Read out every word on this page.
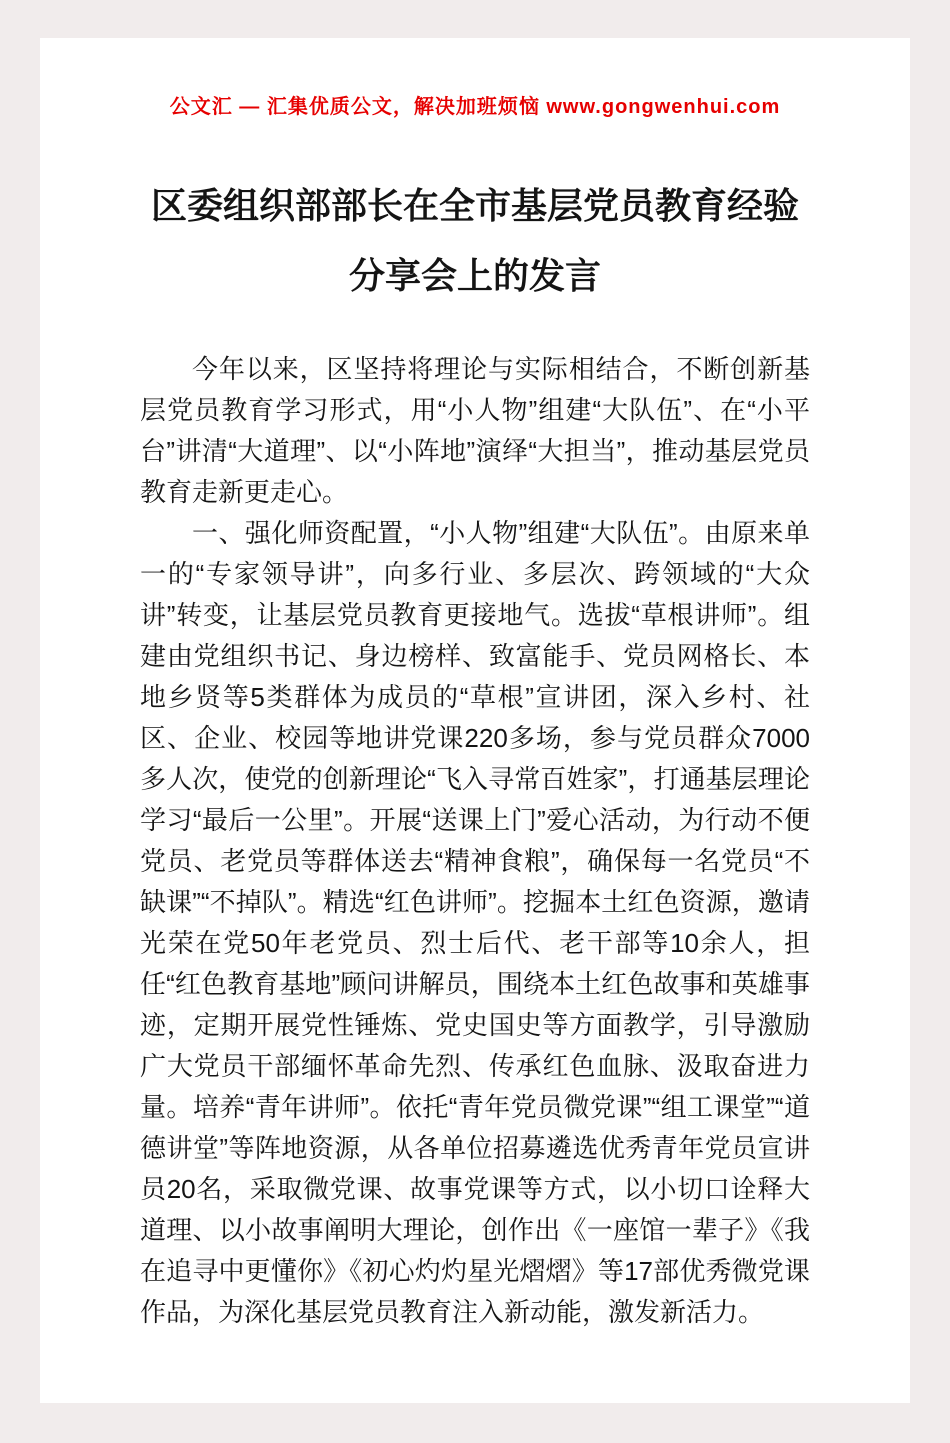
公文汇 — 汇集优质公文，解决加班烦恼 www.gongwenhui.com
区委组织部部长在全市基层党员教育经验
分享会上的发言

今年以来，区坚持将理论与实际相结合，不断创新基层党员教育学习形式，用“小人物”组建“大队伍”、在“小平台”讲清“大道理”、以“小阵地”演绎“大担当”，推动基层党员教育走新更走心。

一、强化师资配置，“小人物”组建“大队伍”。由原来单一的“专家领导讲”，向多行业、多层次、跨领域的“大众讲”转变，让基层党员教育更接地气。选拔“草根讲师”。组建由党组织书记、身边榜样、致富能手、党员网格长、本地乡贤等5类群体为成员的“草根”宣讲团，深入乡村、社区、企业、校园等地讲党课220多场，参与党员群众7000多人次，使党的创新理论“飞入寻常百姓家”，打通基层理论学习“最后一公里”。开展“送课上门”爱心活动，为行动不便党员、老党员等群体送去“精神食粮”，确保每一名党员“不缺课”“不掉队”。精选“红色讲师”。挖掘本土红色资源，邀请光荣在党50年老党员、烈士后代、老干部等10余人，担任“红色教育基地”顾问讲解员，围绕本土红色故事和英雄事迹，定期开展党性锤炼、党史国史等方面教学，引导激励广大党员干部缅怀革命先烈、传承红色血脉、汲取奋进力量。培养“青年讲师”。依托“青年党员微党课”“组工课堂”“道德讲堂”等阵地资源，从各单位招募遴选优秀青年党员宣讲员20名，采取微党课、故事党课等方式，以小切口诠释大道理、以小故事阐明大理论，创作出《一座馆一辈子》《我在追寻中更懂你》《初心灼灼星光熠熠》等17部优秀微党课作品，为深化基层党员教育注入新动能，激发新活力。
